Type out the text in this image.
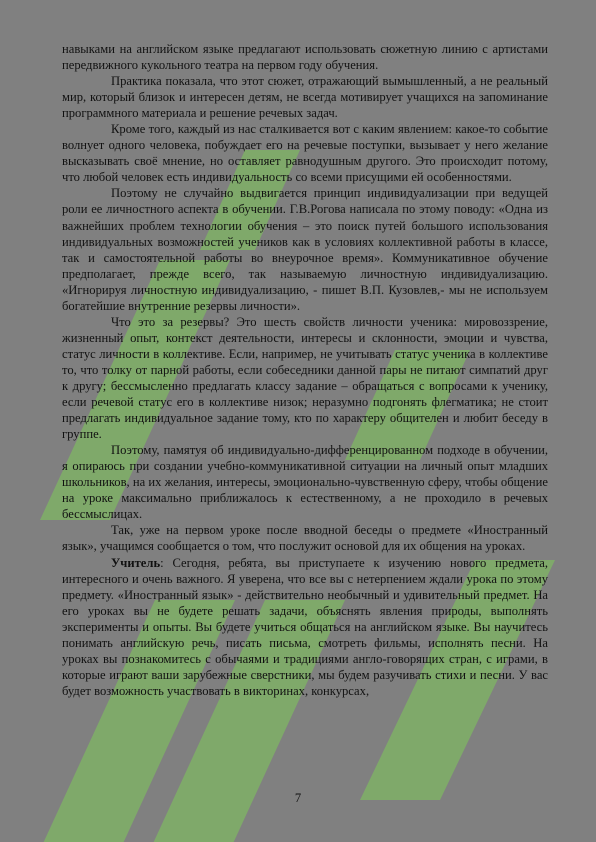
навыками на английском языке предлагают использовать сюжетную линию с артистами передвижного кукольного театра на первом году обучения.

Практика показала, что этот сюжет, отражающий вымышленный, а не реальный мир, который близок и интересен детям, не всегда мотивирует учащихся на запоминание программного материала и решение речевых задач.

Кроме того, каждый из нас сталкивается вот с каким явлением: какое-то событие волнует одного человека, побуждает его на речевые поступки, вызывает у него желание высказывать своё мнение, но оставляет равнодушным другого. Это происходит потому, что любой человек есть индивидуальность со всеми присущими ей особенностями.

Поэтому не случайно выдвигается принцип индивидуализации при ведущей роли ее личностного аспекта в обучении. Г.В.Рогова написала по этому поводу: «Одна из важнейших проблем технологии обучения – это поиск путей большого использования индивидуальных возможностей учеников как в условиях коллективной работы в классе, так и самостоятельной работы во внеурочное время». Коммуникативное обучение предполагает, прежде всего, так называемую личностную индивидуализацию. «Игнорируя личностную индивидуализацию, - пишет В.П. Кузовлев,- мы не используем богатейшие внутренние резервы личности».

Что это за резервы? Это шесть свойств личности ученика: мировоззрение, жизненный опыт, контекст деятельности, интересы и склонности, эмоции и чувства, статус личности в коллективе. Если, например, не учитывать статус ученика в коллективе то, что толку от парной работы, если собеседники данной пары не питают симпатий друг к другу; бессмысленно предлагать классу задание – обращаться с вопросами к ученику, если речевой статус его в коллективе низок; неразумно подгонять флегматика; не стоит предлагать индивидуальное задание тому, кто по характеру общителен и любит беседу в группе.

Поэтому, памятуя об индивидуально-дифференцированном подходе в обучении, я опираюсь при создании учебно-коммуникативной ситуации на личный опыт младших школьников, на их желания, интересы, эмоционально-чувственную сферу, чтобы общение на уроке максимально приближалось к естественному, а не проходило в речевых бессмыслицах.

Так, уже на первом уроке после вводной беседы о предмете «Иностранный язык», учащимся сообщается о том, что послужит основой для их общения на уроках.

Учитель: Сегодня, ребята, вы приступаете к изучению нового предмета, интересного и очень важного. Я уверена, что все вы с нетерпением ждали урока по этому предмету. «Иностранный язык» - действительно необычный и удивительный предмет. На его уроках вы не будете решать задачи, объяснять явления природы, выполнять эксперименты и опыты. Вы будете учиться общаться на английском языке. Вы научитесь понимать английскую речь, писать письма, смотреть фильмы, исполнять песни. На уроках вы познакомитесь с обычаями и традициями англо-говорящих стран, с играми, в которые играют ваши зарубежные сверстники, мы будем разучивать стихи и песни. У вас будет возможность участвовать в викторинах, конкурсах,

7
